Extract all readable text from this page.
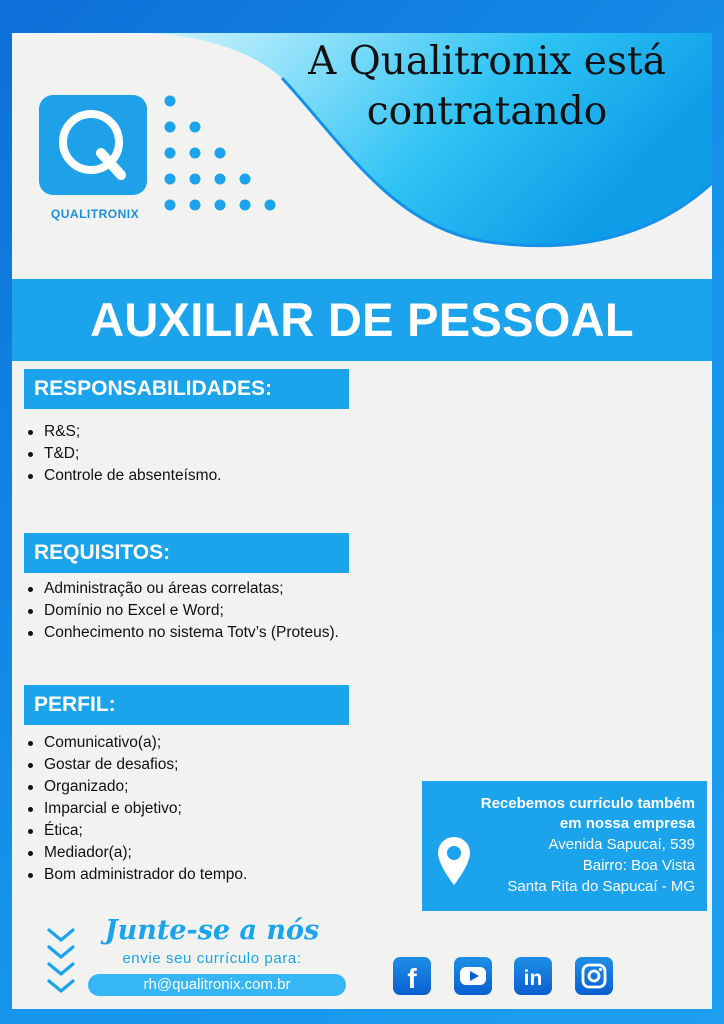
A Qualitronix está
contratando
QUALITRONIX
AUXILIAR DE PESSOAL
RESPONSABILIDADES:
R&S;
T&D;
Controle de absenteísmo.
REQUISITOS:
Administração ou áreas correlatas;
Domínio no Excel e Word;
Conhecimento no sistema Totv’s (Proteus).
PERFIL:
Comunicativo(a);
Gostar de desafios;
Organizado;
Imparcial e objetivo;
Ética;
Mediador(a);
Bom administrador do tempo.
Recebemos currículo também
em nossa empresa
Avenida Sapucaí, 539
Bairro: Boa Vista
Santa Rita do Sapucaí - MG
Junte-se a nós
envie seu currículo para:
rh@qualitronix.com.br	f	in
